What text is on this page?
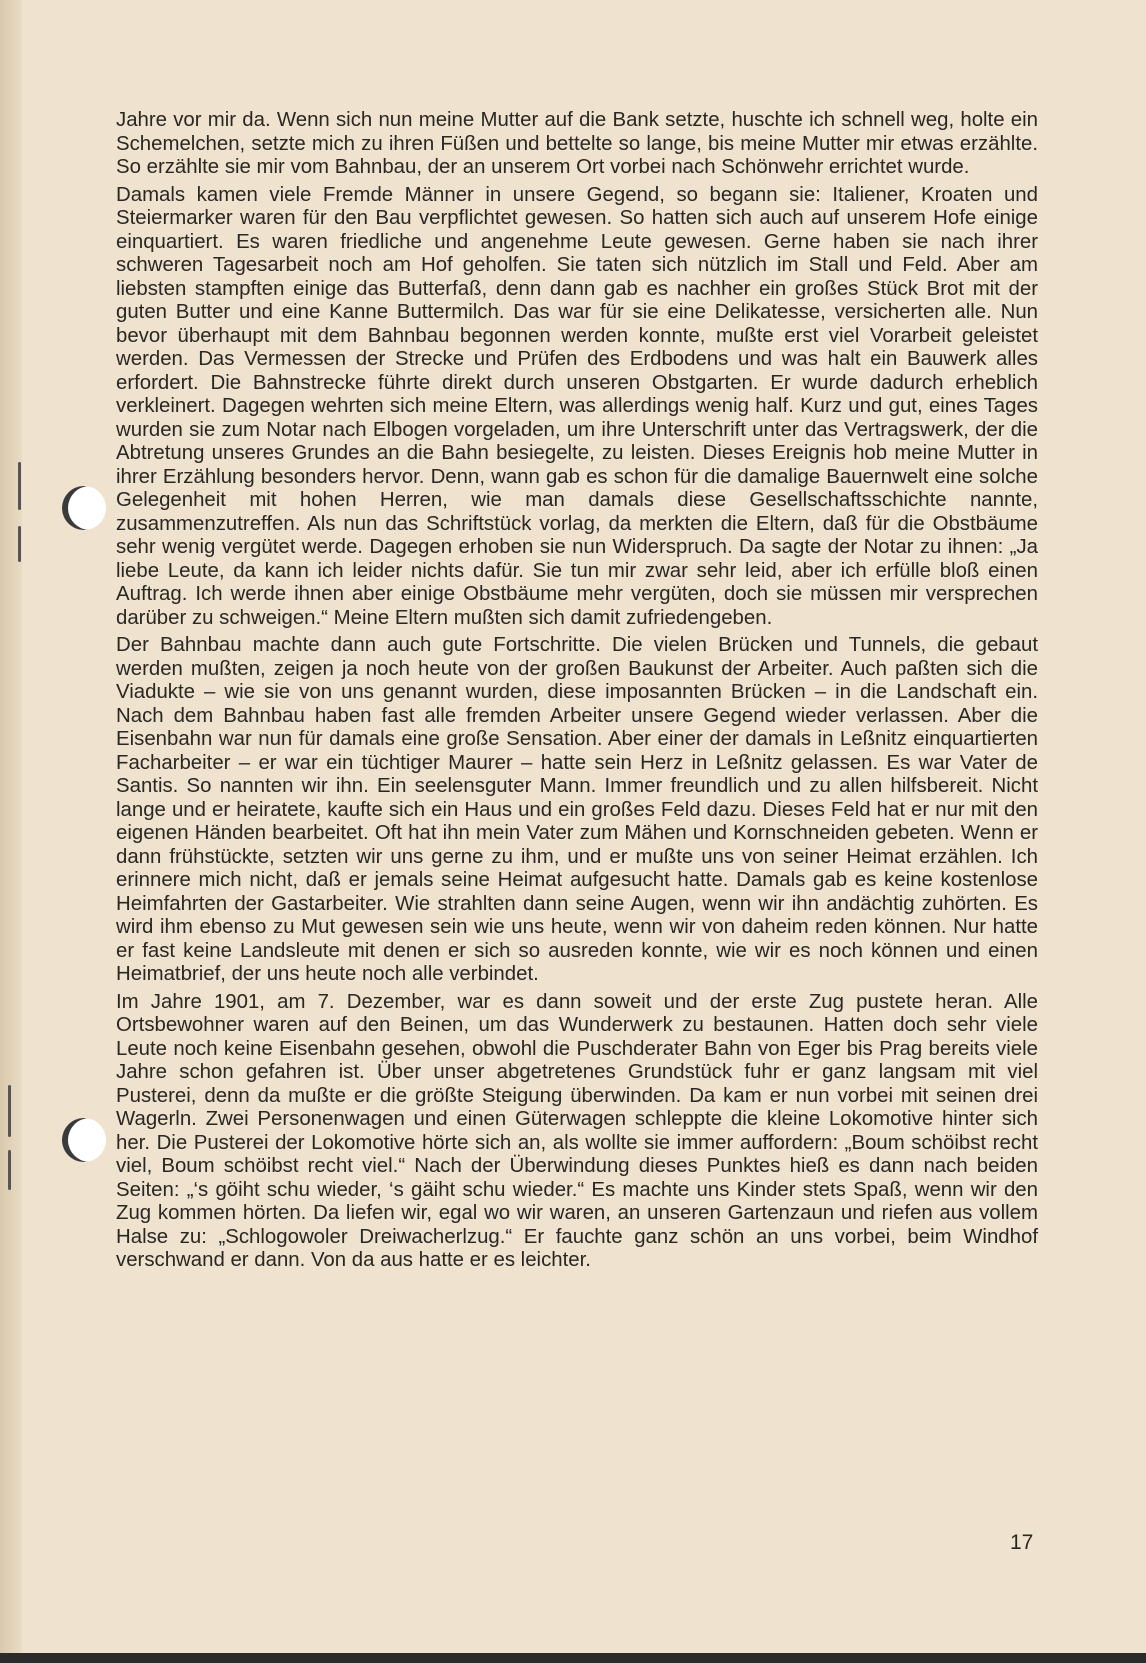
Jahre vor mir da. Wenn sich nun meine Mutter auf die Bank setzte, huschte ich schnell weg, holte ein Schemelchen, setzte mich zu ihren Füßen und bettelte so lange, bis meine Mutter mir etwas erzählte. So erzählte sie mir vom Bahnbau, der an unserem Ort vorbei nach Schönwehr errichtet wurde.

Damals kamen viele Fremde Männer in unsere Gegend, so begann sie: Italiener, Kroaten und Steiermarker waren für den Bau verpflichtet gewesen. So hatten sich auch auf unserem Hofe einige einquartiert. Es waren friedliche und angenehme Leute gewesen. Gerne haben sie nach ihrer schweren Tagesarbeit noch am Hof geholfen. Sie taten sich nützlich im Stall und Feld. Aber am liebsten stampften einige das Butterfaß, denn dann gab es nachher ein großes Stück Brot mit der guten Butter und eine Kanne Buttermilch. Das war für sie eine Delikatesse, versicherten alle. Nun bevor überhaupt mit dem Bahnbau begonnen werden konnte, mußte erst viel Vorarbeit geleistet werden. Das Vermessen der Strecke und Prüfen des Erdbodens und was halt ein Bauwerk alles erfordert. Die Bahnstrecke führte direkt durch unseren Obstgarten. Er wurde dadurch erheblich verkleinert. Dagegen wehrten sich meine Eltern, was allerdings wenig half. Kurz und gut, eines Tages wurden sie zum Notar nach Elbogen vorgeladen, um ihre Unterschrift unter das Vertragswerk, der die Abtretung unseres Grundes an die Bahn besiegelte, zu leisten. Dieses Ereignis hob meine Mutter in ihrer Erzählung besonders hervor. Denn, wann gab es schon für die damalige Bauernwelt eine solche Gelegenheit mit hohen Herren, wie man damals diese Gesellschaftsschichte nannte, zusammenzutreffen. Als nun das Schriftstück vorlag, da merkten die Eltern, daß für die Obstbäume sehr wenig vergütet werde. Dagegen erhoben sie nun Widerspruch. Da sagte der Notar zu ihnen: „Ja liebe Leute, da kann ich leider nichts dafür. Sie tun mir zwar sehr leid, aber ich erfülle bloß einen Auftrag. Ich werde ihnen aber einige Obstbäume mehr vergüten, doch sie müssen mir versprechen darüber zu schweigen.“ Meine Eltern mußten sich damit zufriedengeben.

Der Bahnbau machte dann auch gute Fortschritte. Die vielen Brücken und Tunnels, die gebaut werden mußten, zeigen ja noch heute von der großen Baukunst der Arbeiter. Auch paßten sich die Viadukte – wie sie von uns genannt wurden, diese imposannten Brücken – in die Landschaft ein. Nach dem Bahnbau haben fast alle fremden Arbeiter unsere Gegend wieder verlassen. Aber die Eisenbahn war nun für damals eine große Sensation. Aber einer der damals in Leßnitz einquartierten Facharbeiter – er war ein tüchtiger Maurer – hatte sein Herz in Leßnitz gelassen. Es war Vater de Santis. So nannten wir ihn. Ein seelensguter Mann. Immer freundlich und zu allen hilfsbereit. Nicht lange und er heiratete, kaufte sich ein Haus und ein großes Feld dazu. Dieses Feld hat er nur mit den eigenen Händen bearbeitet. Oft hat ihn mein Vater zum Mähen und Kornschneiden gebeten. Wenn er dann frühstückte, setzten wir uns gerne zu ihm, und er mußte uns von seiner Heimat erzählen. Ich erinnere mich nicht, daß er jemals seine Heimat aufgesucht hatte. Damals gab es keine kostenlose Heimfahrten der Gastarbeiter. Wie strahlten dann seine Augen, wenn wir ihn andächtig zuhörten. Es wird ihm ebenso zu Mut gewesen sein wie uns heute, wenn wir von daheim reden können. Nur hatte er fast keine Landsleute mit denen er sich so ausreden konnte, wie wir es noch können und einen Heimatbrief, der uns heute noch alle verbindet.

Im Jahre 1901, am 7. Dezember, war es dann soweit und der erste Zug pustete heran. Alle Ortsbewohner waren auf den Beinen, um das Wunderwerk zu bestaunen. Hatten doch sehr viele Leute noch keine Eisenbahn gesehen, obwohl die Puschderater Bahn von Eger bis Prag bereits viele Jahre schon gefahren ist. Über unser abgetretenes Grundstück fuhr er ganz langsam mit viel Pusterei, denn da mußte er die größte Steigung überwinden. Da kam er nun vorbei mit seinen drei Wagerln. Zwei Personenwagen und einen Güterwagen schleppte die kleine Lokomotive hinter sich her. Die Pusterei der Lokomotive hörte sich an, als wollte sie immer auffordern: „Boum schöibst recht viel, Boum schöibst recht viel.“ Nach der Überwindung dieses Punktes hieß es dann nach beiden Seiten: „‘s göiht schu wieder, ‘s gäiht schu wieder.“ Es machte uns Kinder stets Spaß, wenn wir den Zug kommen hörten. Da liefen wir, egal wo wir waren, an unseren Gartenzaun und riefen aus vollem Halse zu: „Schlogowoler Dreiwacherlzug.“ Er fauchte ganz schön an uns vorbei, beim Windhof verschwand er dann. Von da aus hatte er es leichter.

17
